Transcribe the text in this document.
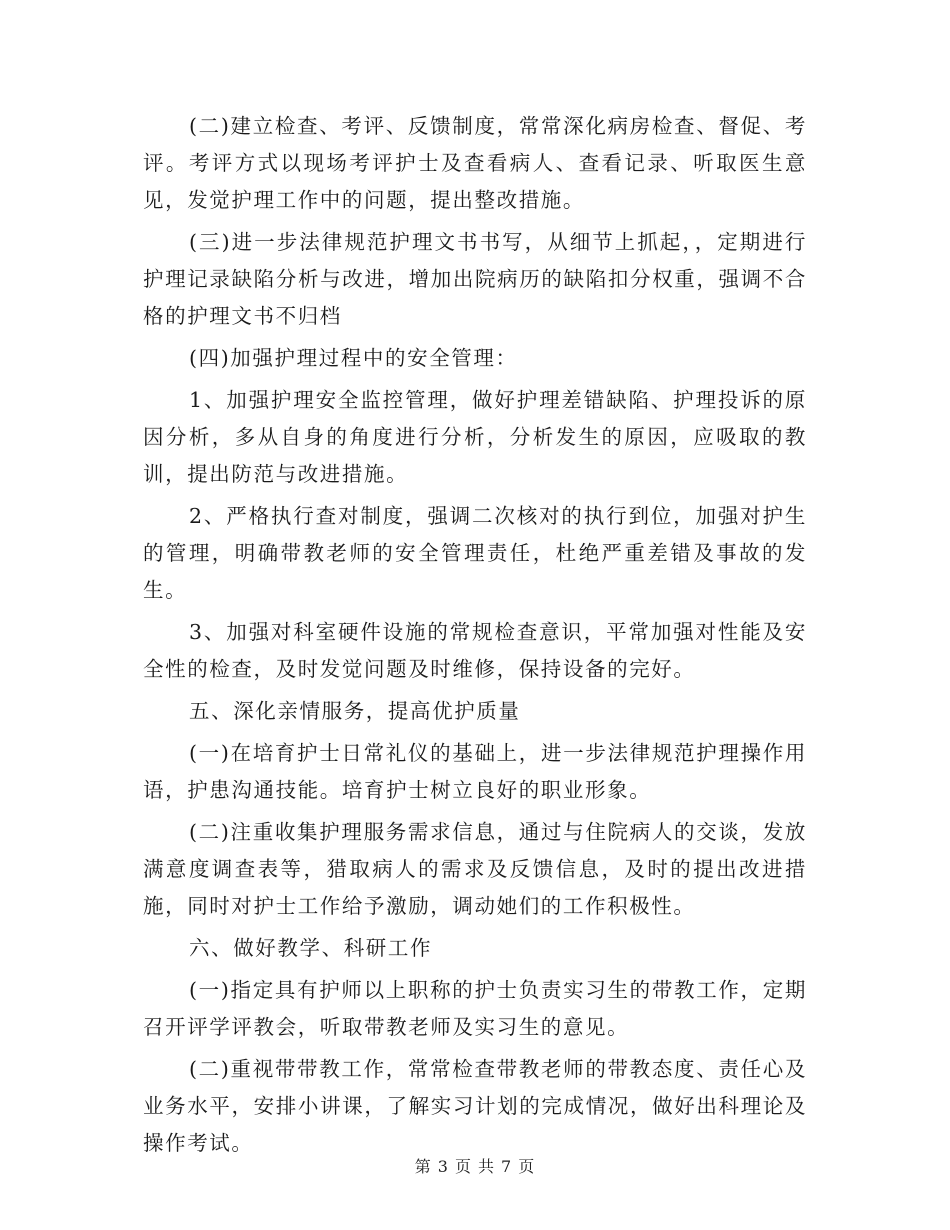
(二)建立检查、考评、反馈制度，常常深化病房检查、督促、考评。考评方式以现场考评护士及查看病人、查看记录、听取医生意见，发觉护理工作中的问题，提出整改措施。

(三)进一步法律规范护理文书书写，从细节上抓起，，定期进行护理记录缺陷分析与改进，增加出院病历的缺陷扣分权重，强调不合格的护理文书不归档

(四)加强护理过程中的安全管理：

1、加强护理安全监控管理，做好护理差错缺陷、护理投诉的原因分析，多从自身的角度进行分析，分析发生的原因，应吸取的教训，提出防范与改进措施。

2、严格执行查对制度，强调二次核对的执行到位，加强对护生的管理，明确带教老师的安全管理责任，杜绝严重差错及事故的发生。

3、加强对科室硬件设施的常规检查意识，平常加强对性能及安全性的检查，及时发觉问题及时维修，保持设备的完好。

五、深化亲情服务，提高优护质量

(一)在培育护士日常礼仪的基础上，进一步法律规范护理操作用语，护患沟通技能。培育护士树立良好的职业形象。

(二)注重收集护理服务需求信息，通过与住院病人的交谈，发放满意度调查表等，猎取病人的需求及反馈信息，及时的提出改进措施，同时对护士工作给予激励，调动她们的工作积极性。

六、做好教学、科研工作

(一)指定具有护师以上职称的护士负责实习生的带教工作，定期召开评学评教会，听取带教老师及实习生的意见。

(二)重视带带教工作，常常检查带教老师的带教态度、责任心及业务水平，安排小讲课，了解实习计划的完成情况，做好出科理论及操作考试。

第 3 页 共 7 页
